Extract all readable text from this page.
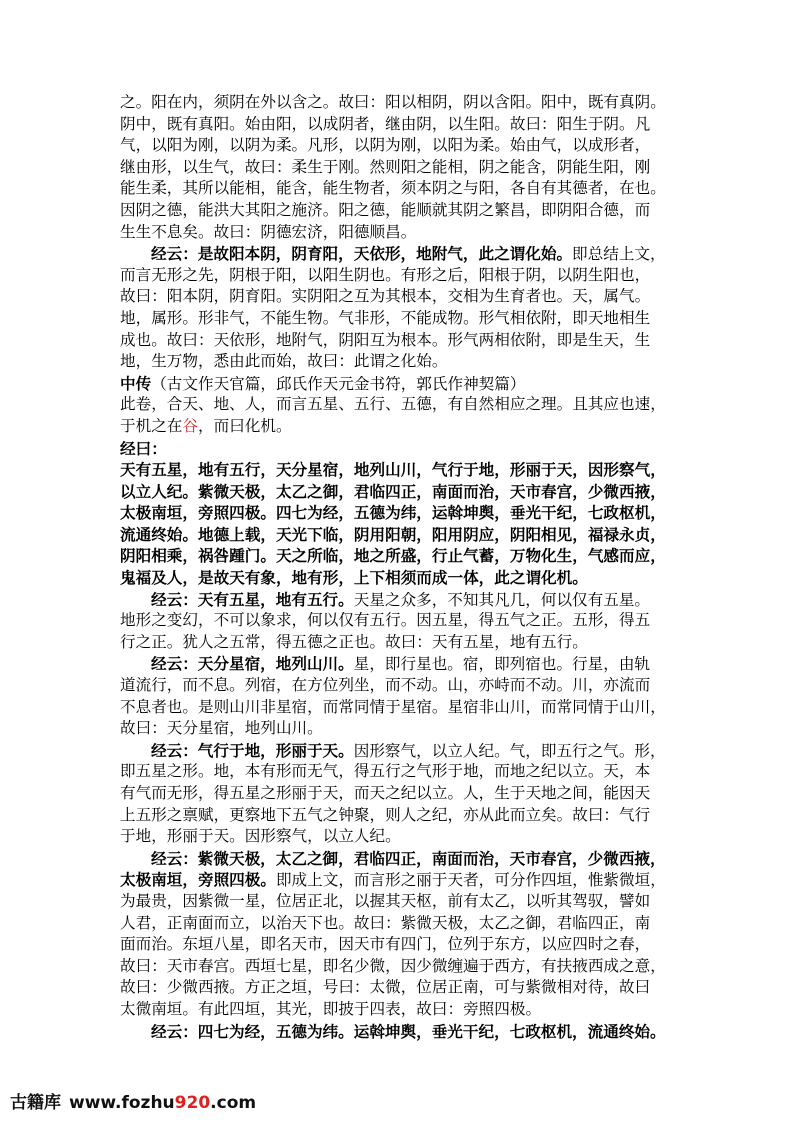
之。阳在内，须阴在外以含之。故曰：阳以相阴，阴以含阳。阳中，既有真阴。
阴中，既有真阳。始由阳，以成阴者，继由阴，以生阳。故曰：阳生于阴。凡
气，以阳为刚，以阴为柔。凡形，以阴为刚，以阳为柔。始由气，以成形者，
继由形，以生气，故曰：柔生于刚。然则阳之能相，阴之能含，阴能生阳，刚
能生柔，其所以能相，能含，能生物者，须本阴之与阳，各自有其德者，在也。
因阴之德，能洪大其阳之施济。阳之德，能顺就其阴之繁昌，即阴阳合德，而
生生不息矣。故曰：阴德宏济，阳德顺昌。
经云：是故阳本阴，阴育阳，天依形，地附气，此之谓化始。即总结上文，
而言无形之先，阴根于阳，以阳生阴也。有形之后，阳根于阴，以阴生阳也，
故曰：阳本阴，阴育阳。实阴阳之互为其根本，交相为生育者也。天，属气。
地，属形。形非气，不能生物。气非形，不能成物。形气相依附，即天地相生
成也。故曰：天依形，地附气，阴阳互为根本。形气两相依附，即是生天，生
地，生万物，悉由此而始，故曰：此谓之化始。
中传（古文作天官篇，邱氏作天元金书符，郭氏作神契篇）
此卷，合天、地、人，而言五星、五行、五德，有自然相应之理。且其应也速，
于机之在谷，而曰化机。
经曰：
天有五星，地有五行，天分星宿，地列山川，气行于地，形丽于天，因形察气，
以立人纪。紫微天极，太乙之御，君临四正，南面而治，天市春宫，少微西掖，
太极南垣，旁照四极。四七为经，五德为纬，运斡坤舆，垂光干纪，七政枢机，
流通终始。地德上载，天光下临，阴用阳朝，阳用阴应，阴阳相见，福禄永贞，
阴阳相乘，祸咎踵门。天之所临，地之所盛，行止气蓄，万物化生，气感而应，
鬼福及人，是故天有象，地有形，上下相须而成一体，此之谓化机。
经云：天有五星，地有五行。天星之众多，不知其凡几，何以仅有五星。
地形之变幻，不可以象求，何以仅有五行。因五星，得五气之正。五形，得五
行之正。犹人之五常，得五德之正也。故曰：天有五星，地有五行。
经云：天分星宿，地列山川。星，即行星也。宿，即列宿也。行星，由轨
道流行，而不息。列宿，在方位列坐，而不动。山，亦峙而不动。川，亦流而
不息者也。是则山川非星宿，而常同情于星宿。星宿非山川，而常同情于山川，
故曰：天分星宿，地列山川。
经云：气行于地，形丽于天。因形察气，以立人纪。气，即五行之气。形，
即五星之形。地，本有形而无气，得五行之气形于地，而地之纪以立。天，本
有气而无形，得五星之形丽于天，而天之纪以立。人，生于天地之间，能因天
上五形之禀赋，更察地下五气之钟聚，则人之纪，亦从此而立矣。故曰：气行
于地，形丽于天。因形察气，以立人纪。
经云：紫微天极，太乙之御，君临四正，南面而治，天市春宫，少微西掖，
太极南垣，旁照四极。即成上文，而言形之丽于天者，可分作四垣，惟紫微垣，
为最贵，因紫微一星，位居正北，以握其天枢，前有太乙，以听其驾驭，譬如
人君，正南面而立，以治天下也。故曰：紫微天极，太乙之御，君临四正，南
面而治。东垣八星，即名天市，因天市有四门，位列于东方，以应四时之春，
故曰：天市春宫。西垣七星，即名少微，因少微缠遍于西方，有扶掖西成之意，
故曰：少微西掖。方正之垣，号曰：太微，位居正南，可与紫微相对待，故曰
太微南垣。有此四垣，其光，即披于四表，故曰：旁照四极。
经云：四七为经，五德为纬。运斡坤舆，垂光干纪，七政枢机，流通终始。
古籍库 www.fozhu920.com
